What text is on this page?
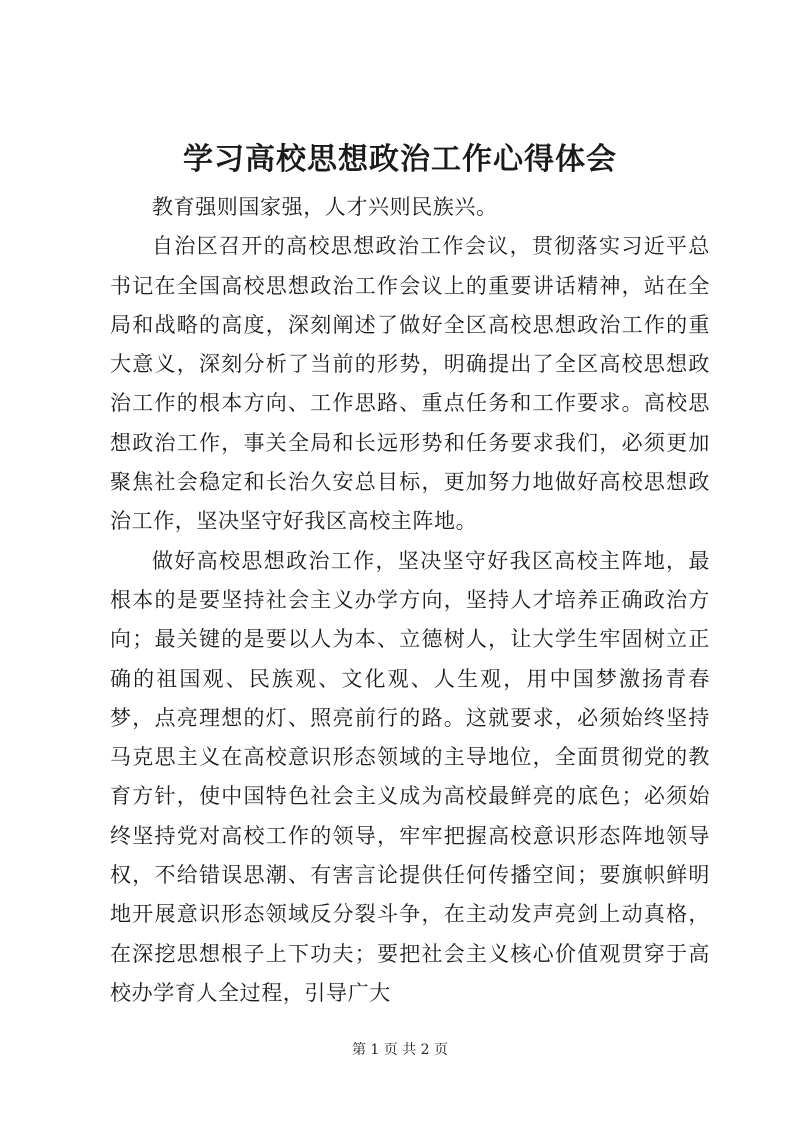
学习高校思想政治工作心得体会

教育强则国家强，人才兴则民族兴。

自治区召开的高校思想政治工作会议，贯彻落实习近平总书记在全国高校思想政治工作会议上的重要讲话精神，站在全局和战略的高度，深刻阐述了做好全区高校思想政治工作的重大意义，深刻分析了当前的形势，明确提出了全区高校思想政治工作的根本方向、工作思路、重点任务和工作要求。高校思想政治工作，事关全局和长远形势和任务要求我们，必须更加聚焦社会稳定和长治久安总目标，更加努力地做好高校思想政治工作，坚决坚守好我区高校主阵地。

做好高校思想政治工作，坚决坚守好我区高校主阵地，最根本的是要坚持社会主义办学方向，坚持人才培养正确政治方向；最关键的是要以人为本、立德树人，让大学生牢固树立正确的祖国观、民族观、文化观、人生观，用中国梦激扬青春梦，点亮理想的灯、照亮前行的路。这就要求，必须始终坚持马克思主义在高校意识形态领域的主导地位，全面贯彻党的教育方针，使中国特色社会主义成为高校最鲜亮的底色；必须始终坚持党对高校工作的领导，牢牢把握高校意识形态阵地领导权，不给错误思潮、有害言论提供任何传播空间；要旗帜鲜明地开展意识形态领域反分裂斗争，在主动发声亮剑上动真格，在深挖思想根子上下功夫；要把社会主义核心价值观贯穿于高校办学育人全过程，引导广大

第 1 页 共 2 页
